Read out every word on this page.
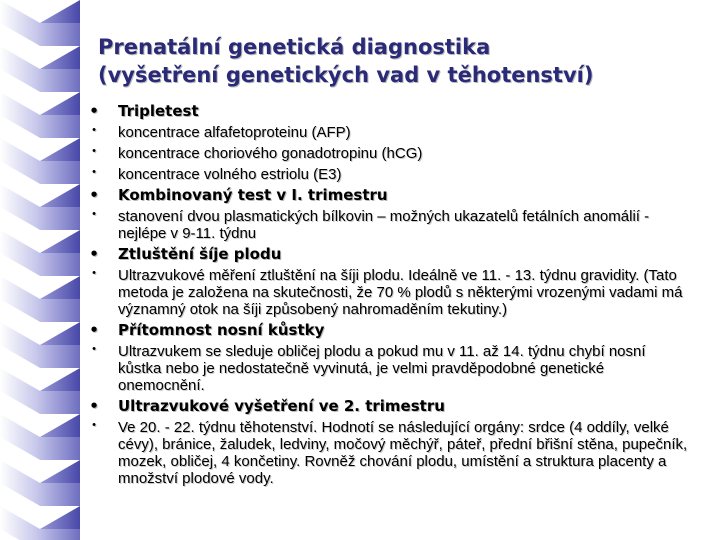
Prenatální genetická diagnostika
(vyšetření genetických vad v těhotenství)
• Tripletest
•	koncentrace alfafetoproteinu (AFP)
•	koncentrace choriového gonadotropinu (hCG)
•	koncentrace volného estriolu (E3)
• Kombinovaný test v I. trimestru
•	stanovení dvou plasmatických bílkovin – možných ukazatelů fetálních anomálií - nejlépe v 9-11. týdnu
• Ztluštění šíje plodu
•	Ultrazvukové měření ztluštění na šíji plodu. Ideálně ve 11. - 13. týdnu gravidity. (Tato metoda je založena na skutečnosti, že 70 % plodů s některými vrozenými vadami má významný otok na šíji způsobený nahromaděním tekutiny.)
• Přítomnost nosní kůstky
•	Ultrazvukem se sleduje obličej plodu a pokud mu v 11. až 14. týdnu chybí nosní kůstka nebo je nedostatečně vyvinutá, je velmi pravděpodobné genetické onemocnění.
• Ultrazvukové vyšetření ve 2. trimestru
•	Ve 20. - 22. týdnu těhotenství. Hodnotí se následující orgány: srdce (4 oddíly, velké cévy), bránice, žaludek, ledviny, močový měchýř, páteř, přední břišní stěna, pupečník, mozek, obličej, 4 končetiny. Rovněž chování plodu, umístění a struktura placenty a množství plodové vody.
